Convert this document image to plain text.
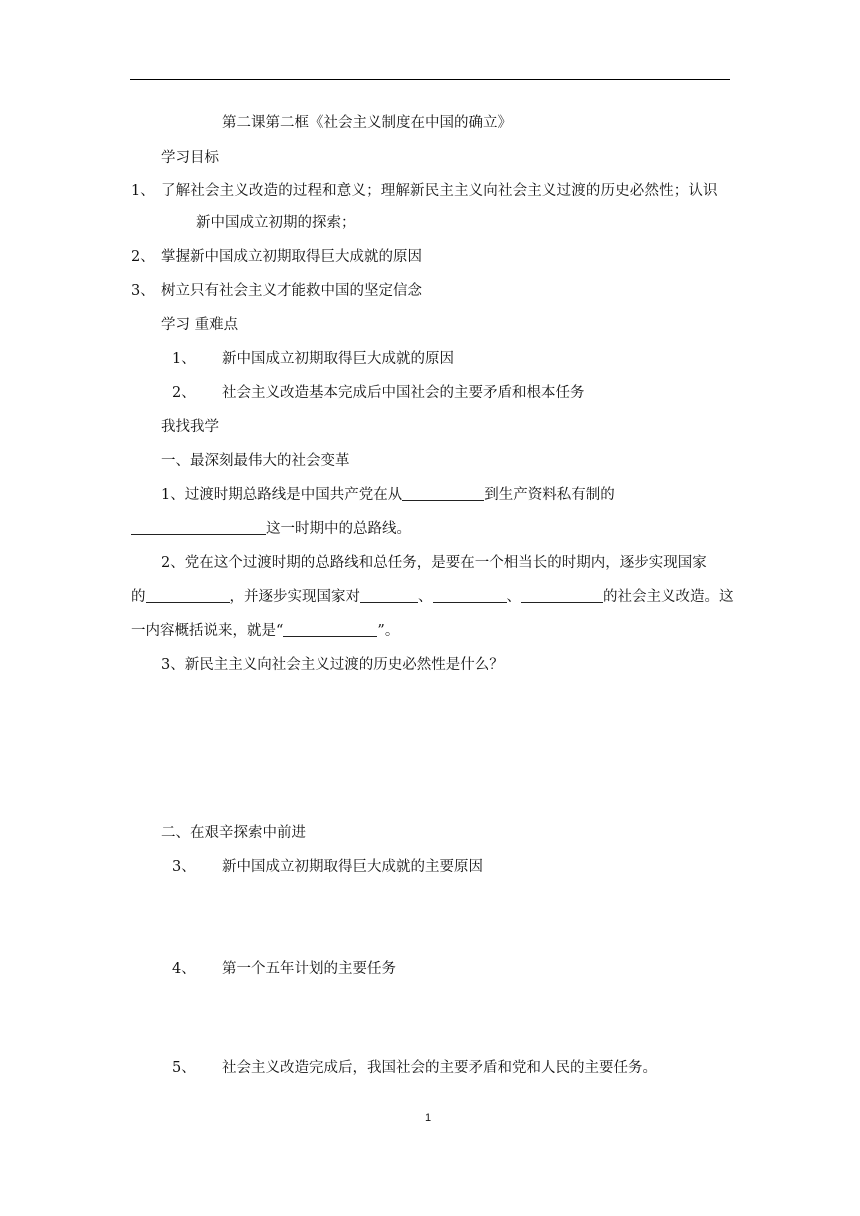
第二课第二框《社会主义制度在中国的确立》
学习目标
1、 了解社会主义改造的过程和意义；理解新民主主义向社会主义过渡的历史必然性；认识
新中国成立初期的探索；
2、 掌握新中国成立初期取得巨大成就的原因
3、 树立只有社会主义才能救中国的坚定信念
学习 重难点
1、 新中国成立初期取得巨大成就的原因
2、 社会主义改造基本完成后中国社会的主要矛盾和根本任务
我找我学
一、最深刻最伟大的社会变革
1、过渡时期总路线是中国共产党在从	到生产资料私有制的
这一时期中的总路线。
2、党在这个过渡时期的总路线和总任务，是要在一个相当长的时期内，逐步实现国家
的	，并逐步实现国家对	、	、	的社会主义改造。这
一内容概括说来，就是“	”。
3、新民主主义向社会主义过渡的历史必然性是什么？
二、在艰辛探索中前进
3、 新中国成立初期取得巨大成就的主要原因
4、 第一个五年计划的主要任务
5、 社会主义改造完成后，我国社会的主要矛盾和党和人民的主要任务。
1
